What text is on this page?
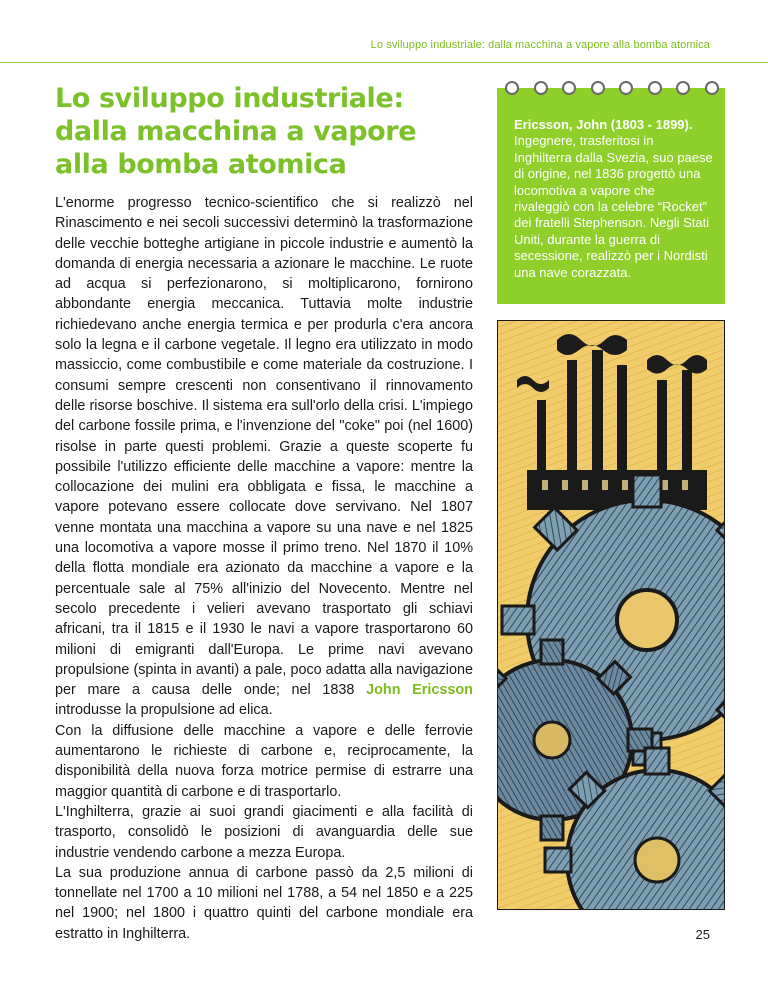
Lo sviluppo industriale: dalla macchina a vapore alla bomba atomica
Lo sviluppo industriale:
dalla macchina a vapore
alla bomba atomica

L'enorme progresso tecnico-scientifico che si realizzò nel Rinascimento e nei secoli successivi determinò la trasformazione delle vecchie botteghe artigiane in piccole industrie e aumentò la domanda di energia necessaria a azionare le macchine. Le ruote ad acqua si perfezionarono, si moltiplicarono, fornirono abbondante energia meccanica. Tuttavia molte industrie richiedevano anche energia termica e per produrla c'era ancora solo la legna e il carbone vegetale. Il legno era utilizzato in modo massiccio, come combustibile e come materiale da costruzione. I consumi sempre crescenti non consentivano il rinnovamento delle risorse boschive. Il sistema era sull'orlo della crisi. L'impiego del carbone fossile prima, e l'invenzione del "coke" poi (nel 1600) risolse in parte questi problemi. Grazie a queste scoperte fu possibile l'utilizzo efficiente delle macchine a vapore: mentre la collocazione dei mulini era obbligata e fissa, le macchine a vapore potevano essere collocate dove servivano. Nel 1807 venne montata una macchina a vapore su una nave e nel 1825 una locomotiva a vapore mosse il primo treno. Nel 1870 il 10% della flotta mondiale era azionato da macchine a vapore e la percentuale sale al 75% all'inizio del Novecento. Mentre nel secolo precedente i velieri avevano trasportato gli schiavi africani, tra il 1815 e il 1930 le navi a vapore trasportarono 60 milioni di emigranti dall'Europa. Le prime navi avevano propulsione (spinta in avanti) a pale, poco adatta alla navigazione per mare a causa delle onde; nel 1838 John Ericsson introdusse la propulsione ad elica.

Con la diffusione delle macchine a vapore e delle ferrovie aumentarono le richieste di carbone e, reciprocamente, la disponibilità della nuova forza motrice permise di estrarre una maggior quantità di carbone e di trasportarlo.

L'Inghilterra, grazie ai suoi grandi giacimenti e alla facilità di trasporto, consolidò le posizioni di avanguardia delle sue industrie vendendo carbone a mezza Europa.

La sua produzione annua di carbone passò da 2,5 milioni di tonnellate nel 1700 a 10 milioni nel 1788, a 54 nel 1850 e a 225 nel 1900; nel 1800 i quattro quinti del carbone mondiale era estratto in Inghilterra.

Ericsson, John (1803 - 1899).
Ingegnere, trasferitosi in Inghilterra dalla Svezia, suo paese di origine, nel 1836 progettò una locomotiva a vapore che rivaleggiò con la celebre “Rocket” dei fratelli Stephenson. Negli Stati Uniti, durante la guerra di secessione, realizzò per i Nordisti una nave corazzata.
25
